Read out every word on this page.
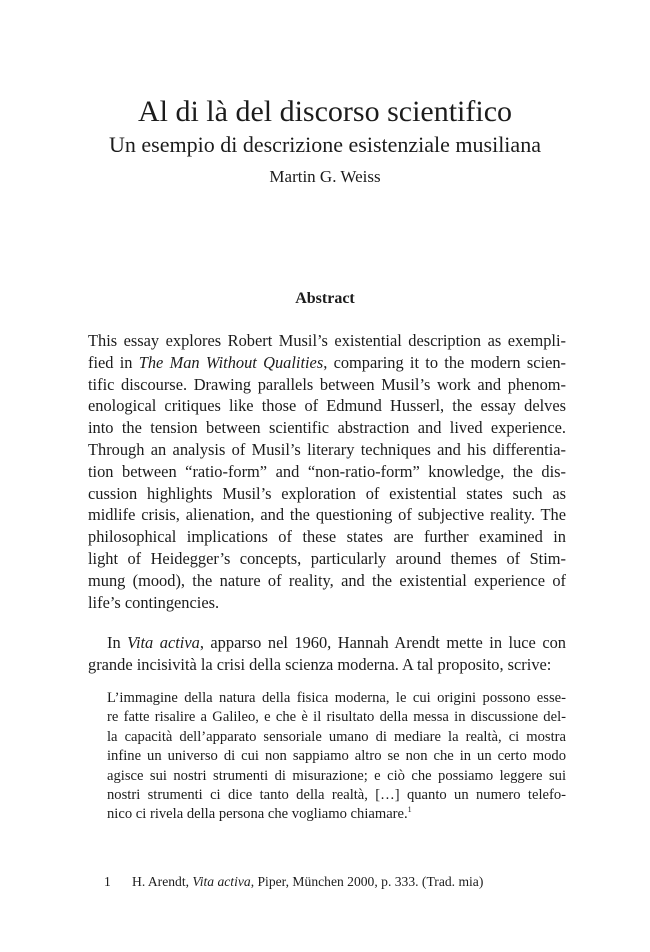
Al di là del discorso scientifico
Un esempio di descrizione esistenziale musiliana
Martin G. Weiss
Abstract
This essay explores Robert Musil’s existential description as exempli-
fied in The Man Without Qualities, comparing it to the modern scien-
tific discourse. Drawing parallels between Musil’s work and phenom-
enological critiques like those of Edmund Husserl, the essay delves
into the tension between scientific abstraction and lived experience.
Through an analysis of Musil’s literary techniques and his differentia-
tion between “ratio-form” and “non-ratio-form” knowledge, the dis-
cussion highlights Musil’s exploration of existential states such as
midlife crisis, alienation, and the questioning of subjective reality. The
philosophical implications of these states are further examined in
light of Heidegger’s concepts, particularly around themes of Stim-
mung (mood), the nature of reality, and the existential experience of
life’s contingencies.
In Vita activa, apparso nel 1960, Hannah Arendt mette in luce con
grande incisività la crisi della scienza moderna. A tal proposito, scrive:
L’immagine della natura della fisica moderna, le cui origini possono esse-
re fatte risalire a Galileo, e che è il risultato della messa in discussione del-
la capacità dell’apparato sensoriale umano di mediare la realtà, ci mostra
infine un universo di cui non sappiamo altro se non che in un certo modo
agisce sui nostri strumenti di misurazione; e ciò che possiamo leggere sui
nostri strumenti ci dice tanto della realtà, […] quanto un numero telefo-
nico ci rivela della persona che vogliamo chiamare.$^1$
1 H. Arendt, Vita activa, Piper, München 2000, p. 333. (Trad. mia)
